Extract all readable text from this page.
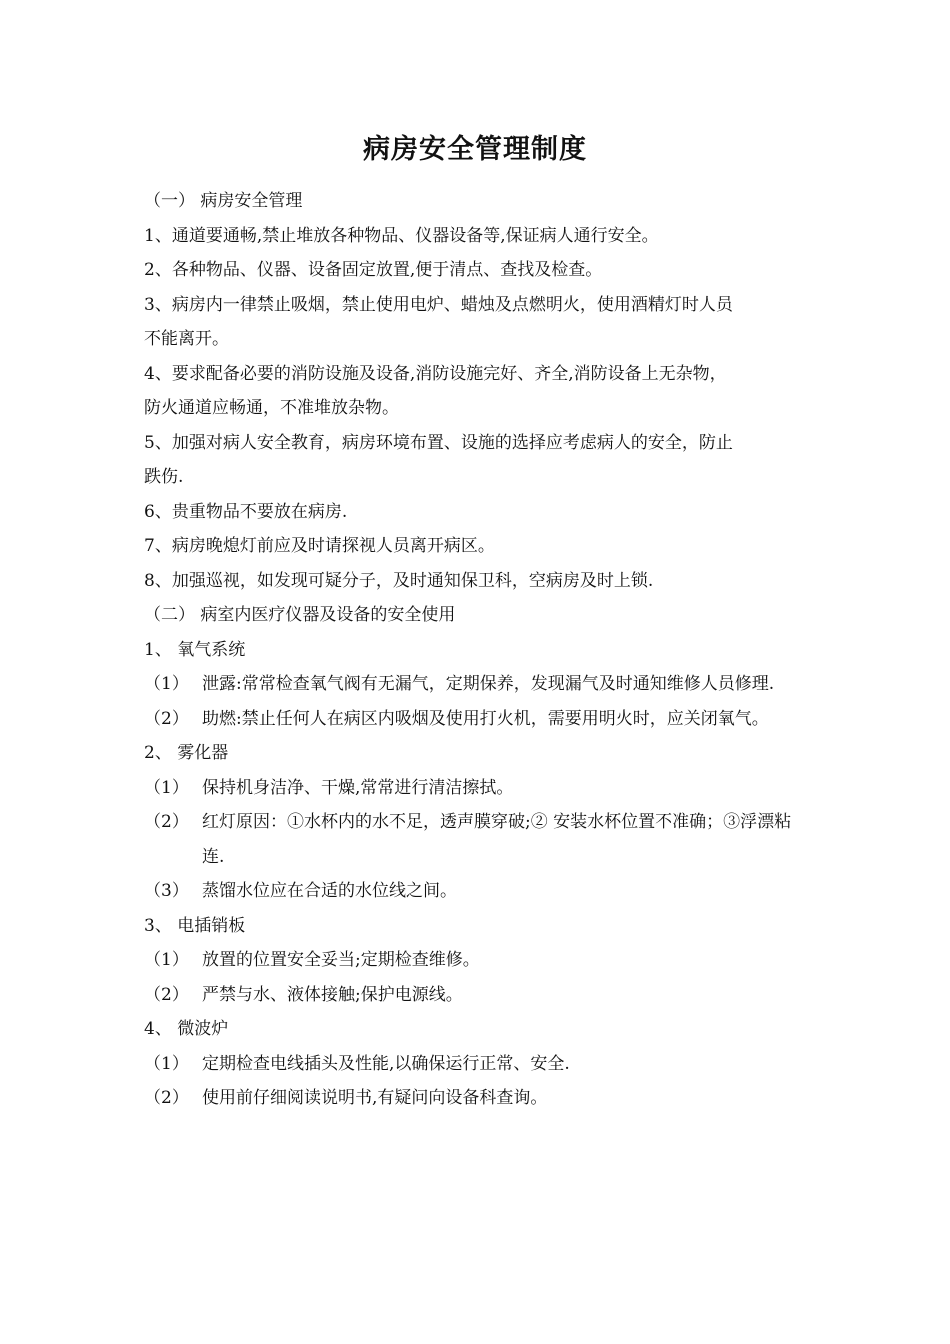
病房安全管理制度
（一） 病房安全管理
1、通道要通畅,禁止堆放各种物品、仪器设备等,保证病人通行安全。
2、各种物品、仪器、设备固定放置,便于清点、查找及检查。
3、病房内一律禁止吸烟，禁止使用电炉、蜡烛及点燃明火，使用酒精灯时人员
不能离开。
4、要求配备必要的消防设施及设备,消防设施完好、齐全,消防设备上无杂物，
防火通道应畅通，不准堆放杂物。
5、加强对病人安全教育，病房环境布置、设施的选择应考虑病人的安全，防止
跌伤.
6、贵重物品不要放在病房.
7、病房晚熄灯前应及时请探视人员离开病区。
8、加强巡视，如发现可疑分子，及时通知保卫科，空病房及时上锁.
（二） 病室内医疗仪器及设备的安全使用
1、 氧气系统
（1） 泄露:常常检查氧气阀有无漏气，定期保养，发现漏气及时通知维修人员修理.
（2） 助燃:禁止任何人在病区内吸烟及使用打火机，需要用明火时，应关闭氧气。
2、 雾化器
（1） 保持机身洁净、干燥,常常进行清洁擦拭。
（2） 红灯原因：①水杯内的水不足，透声膜穿破;② 安装水杯位置不准确；③浮漂粘连.
（3） 蒸馏水位应在合适的水位线之间。
3、 电插销板
（1） 放置的位置安全妥当;定期检查维修。
（2） 严禁与水、液体接触;保护电源线。
4、 微波炉
（1） 定期检查电线插头及性能,以确保运行正常、安全.
（2） 使用前仔细阅读说明书,有疑问向设备科查询。
